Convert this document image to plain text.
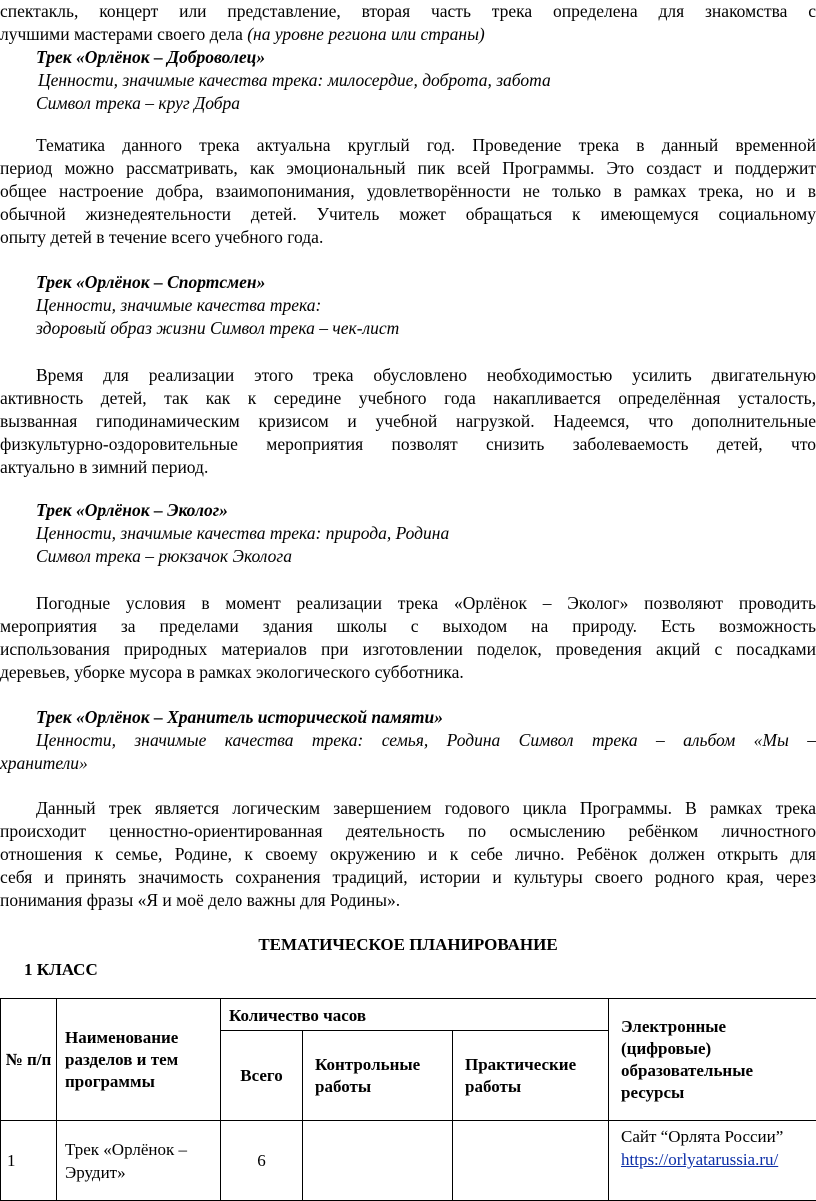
спектакль, концерт или представление, вторая часть трека определена для знакомства с
лучшими мастерами своего дела (на уровне региона или страны)
Трек «Орлёнок – Доброволец»
Ценности, значимые качества трека: милосердие, доброта, забота
Символ трека – круг Добра
Тематика данного трека актуальна круглый год. Проведение трека в данный временной
период можно рассматривать, как эмоциональный пик всей Программы. Это создаст и поддержит
общее настроение добра, взаимопонимания, удовлетворённости не только в рамках трека, но и в
обычной жизнедеятельности детей. Учитель может обращаться к имеющемуся социальному
опыту детей в течение всего учебного года.
Трек «Орлёнок – Спортсмен»
Ценности, значимые качества трека:
здоровый образ жизни Символ трека – чек-лист
Время для реализации этого трека обусловлено необходимостью усилить двигательную
активность детей, так как к середине учебного года накапливается определённая усталость,
вызванная гиподинамическим кризисом и учебной нагрузкой. Надеемся, что дополнительные
физкультурно-оздоровительные мероприятия позволят снизить заболеваемость детей, что
актуально в зимний период.
Трек «Орлёнок – Эколог»
Ценности, значимые качества трека: природа, Родина
Символ трека – рюкзачок Эколога
Погодные условия в момент реализации трека «Орлёнок – Эколог» позволяют проводить
мероприятия за пределами здания школы с выходом на природу. Есть возможность
использования природных материалов при изготовлении поделок, проведения акций с посадками
деревьев, уборке мусора в рамках экологического субботника.
Трек «Орлёнок – Хранитель исторической памяти»
Ценности, значимые качества трека: семья, Родина Символ трека – альбом «Мы –
хранители»
Данный трек является логическим завершением годового цикла Программы. В рамках трека
происходит ценностно-ориентированная деятельность по осмыслению ребёнком личностного
отношения к семье, Родине, к своему окружению и к себе лично. Ребёнок должен открыть для
себя и принять значимость сохранения традиций, истории и культуры своего родного края, через
понимания фразы «Я и моё дело важны для Родины».
ТЕМАТИЧЕСКОЕ ПЛАНИРОВАНИЕ
1 КЛАСС
№ п/п	Наименование разделов и тем программы	Количество часов			Электронные (цифровые) образовательные ресурсы
		Всего	Контрольные работы	Практические работы	
1	Трек «Орлёнок – Эрудит»	6			Сайт “Орлята России”
https://orlyatarussia.ru/
